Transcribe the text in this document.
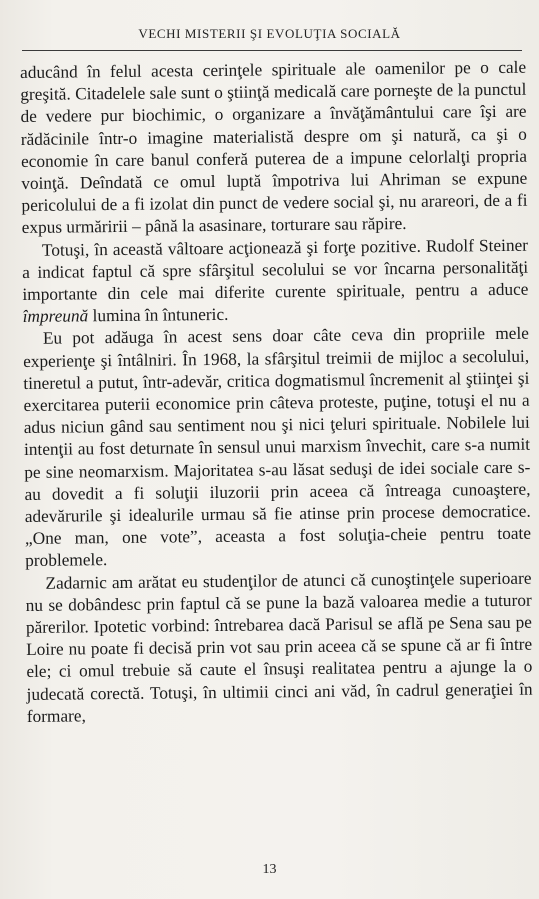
VECHI MISTERII ŞI EVOLUŢIA SOCIALĂ

aducând în felul acesta cerinţele spirituale ale oamenilor pe o cale greşită. Citadelele sale sunt o ştiinţă medicală care porneşte de la punctul de vedere pur biochimic, o organizare a învăţământului care îşi are rădăcinile într-o imagine materialistă despre om şi natură, ca şi o economie în care banul conferă puterea de a impune celorlalţi propria voinţă. Deîndată ce omul luptă împotriva lui Ahriman se expune pericolului de a fi izolat din punct de vedere social şi, nu arareori, de a fi expus urmăririi – până la asasinare, torturare sau răpire.

Totuşi, în această vâltoare acţionează şi forţe pozitive. Rudolf Steiner a indicat faptul că spre sfârşitul secolului se vor încarna personalităţi importante din cele mai diferite curente spirituale, pentru a aduce împreună lumina în întuneric.

Eu pot adăuga în acest sens doar câte ceva din propriile mele experienţe şi întâlniri. În 1968, la sfârşitul treimii de mijloc a secolului, tineretul a putut, într-adevăr, critica dogmatismul încremenit al ştiinţei şi exercitarea puterii economice prin câteva proteste, puţine, totuşi el nu a adus niciun gând sau sentiment nou şi nici ţeluri spirituale. Nobilele lui intenţii au fost deturnate în sensul unui marxism învechit, care s-a numit pe sine neomarxism. Majoritatea s-au lăsat seduşi de idei sociale care s-au dovedit a fi soluţii iluzorii prin aceea că întreaga cunoaştere, adevărurile şi idealurile urmau să fie atinse prin procese democratice. „One man, one vote”, aceasta a fost soluţia-cheie pentru toate problemele.

Zadarnic am arătat eu studenţilor de atunci că cunoştinţele superioare nu se dobândesc prin faptul că se pune la bază valoarea medie a tuturor părerilor. Ipotetic vorbind: întrebarea dacă Parisul se află pe Sena sau pe Loire nu poate fi decisă prin vot sau prin aceea că se spune că ar fi între ele; ci omul trebuie să caute el însuşi realitatea pentru a ajunge la o judecată corectă. Totuşi, în ultimii cinci ani văd, în cadrul generaţiei în formare,

13
